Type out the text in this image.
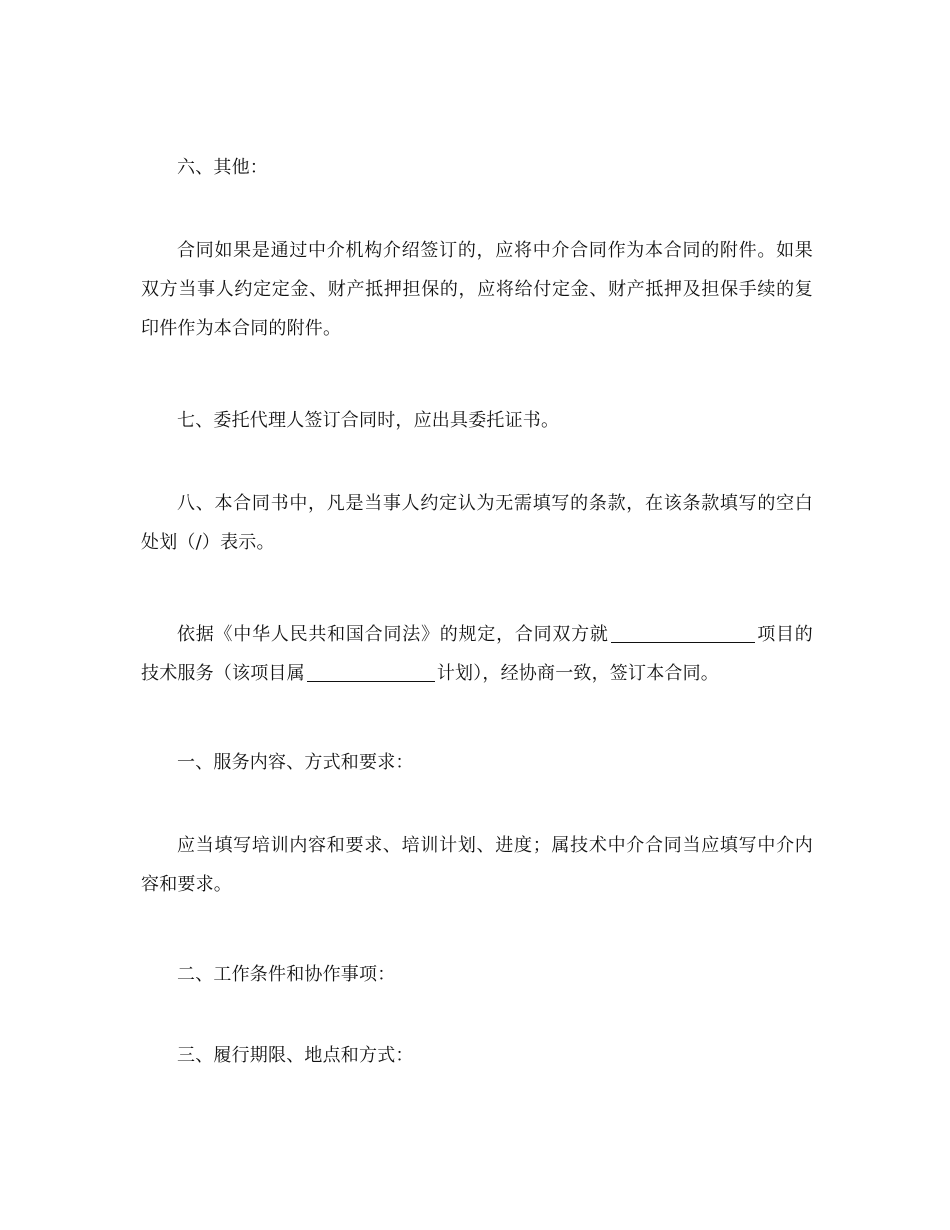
六、其他：
合同如果是通过中介机构介绍签订的，应将中介合同作为本合同的附件。如果双方当事人约定定金、财产抵押担保的，应将给付定金、财产抵押及担保手续的复印件作为本合同的附件。
七、委托代理人签订合同时，应出具委托证书。
八、本合同书中，凡是当事人约定认为无需填写的条款，在该条款填写的空白处划（/）表示。
依据《中华人民共和国合同法》的规定，合同双方就	项目的技术服务（该项目属	计划），经协商一致，签订本合同。
一、服务内容、方式和要求：
应当填写培训内容和要求、培训计划、进度；属技术中介合同当应填写中介内容和要求。
二、工作条件和协作事项：
三、履行期限、地点和方式：
